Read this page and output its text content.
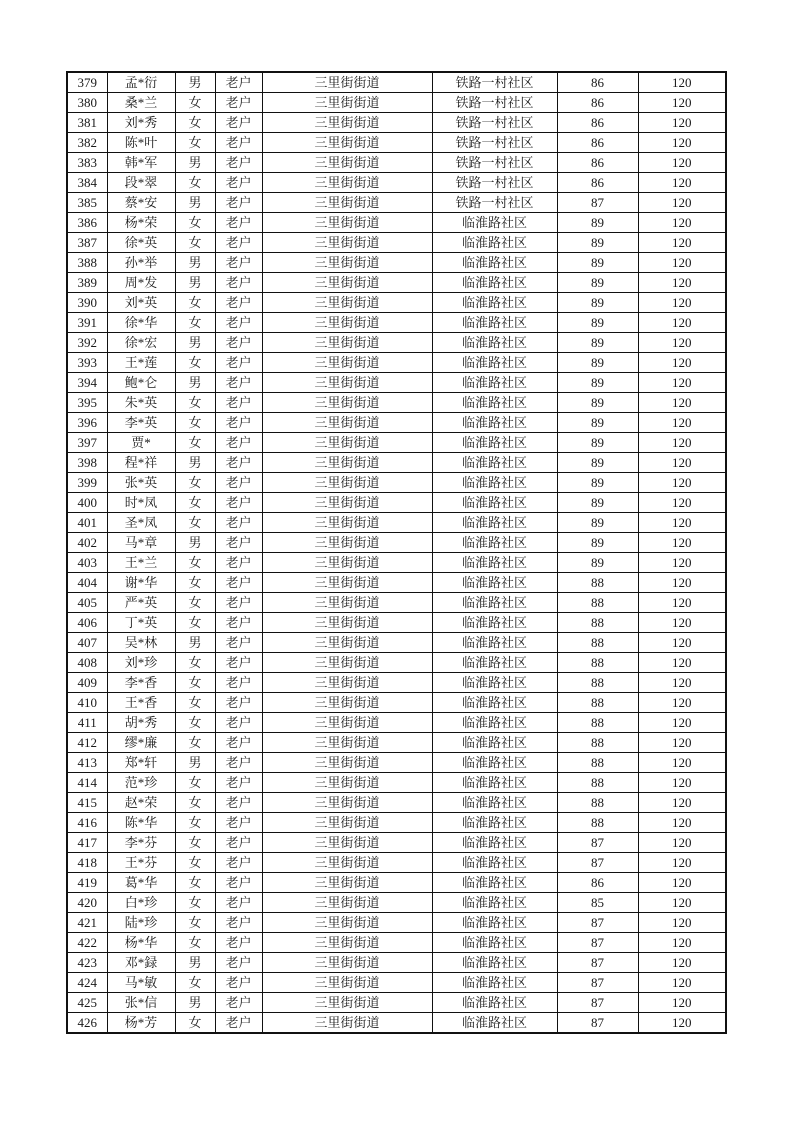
379	孟*衍	男	老户	三里街街道	铁路一村社区	86	120
380	桑*兰	女	老户	三里街街道	铁路一村社区	86	120
381	刘*秀	女	老户	三里街街道	铁路一村社区	86	120
382	陈*叶	女	老户	三里街街道	铁路一村社区	86	120
383	韩*军	男	老户	三里街街道	铁路一村社区	86	120
384	段*翠	女	老户	三里街街道	铁路一村社区	86	120
385	蔡*安	男	老户	三里街街道	铁路一村社区	87	120
386	杨*荣	女	老户	三里街街道	临淮路社区	89	120
387	徐*英	女	老户	三里街街道	临淮路社区	89	120
388	孙*举	男	老户	三里街街道	临淮路社区	89	120
389	周*发	男	老户	三里街街道	临淮路社区	89	120
390	刘*英	女	老户	三里街街道	临淮路社区	89	120
391	徐*华	女	老户	三里街街道	临淮路社区	89	120
392	徐*宏	男	老户	三里街街道	临淮路社区	89	120
393	王*莲	女	老户	三里街街道	临淮路社区	89	120
394	鲍*仑	男	老户	三里街街道	临淮路社区	89	120
395	朱*英	女	老户	三里街街道	临淮路社区	89	120
396	李*英	女	老户	三里街街道	临淮路社区	89	120
397	贾*	女	老户	三里街街道	临淮路社区	89	120
398	程*祥	男	老户	三里街街道	临淮路社区	89	120
399	张*英	女	老户	三里街街道	临淮路社区	89	120
400	时*凤	女	老户	三里街街道	临淮路社区	89	120
401	圣*凤	女	老户	三里街街道	临淮路社区	89	120
402	马*章	男	老户	三里街街道	临淮路社区	89	120
403	王*兰	女	老户	三里街街道	临淮路社区	89	120
404	谢*华	女	老户	三里街街道	临淮路社区	88	120
405	严*英	女	老户	三里街街道	临淮路社区	88	120
406	丁*英	女	老户	三里街街道	临淮路社区	88	120
407	吴*林	男	老户	三里街街道	临淮路社区	88	120
408	刘*珍	女	老户	三里街街道	临淮路社区	88	120
409	李*香	女	老户	三里街街道	临淮路社区	88	120
410	王*香	女	老户	三里街街道	临淮路社区	88	120
411	胡*秀	女	老户	三里街街道	临淮路社区	88	120
412	缪*廉	女	老户	三里街街道	临淮路社区	88	120
413	郑*轩	男	老户	三里街街道	临淮路社区	88	120
414	范*珍	女	老户	三里街街道	临淮路社区	88	120
415	赵*荣	女	老户	三里街街道	临淮路社区	88	120
416	陈*华	女	老户	三里街街道	临淮路社区	88	120
417	李*芬	女	老户	三里街街道	临淮路社区	87	120
418	王*芬	女	老户	三里街街道	临淮路社区	87	120
419	葛*华	女	老户	三里街街道	临淮路社区	86	120
420	白*珍	女	老户	三里街街道	临淮路社区	85	120
421	陆*珍	女	老户	三里街街道	临淮路社区	87	120
422	杨*华	女	老户	三里街街道	临淮路社区	87	120
423	邓*録	男	老户	三里街街道	临淮路社区	87	120
424	马*敏	女	老户	三里街街道	临淮路社区	87	120
425	张*信	男	老户	三里街街道	临淮路社区	87	120
426	杨*芳	女	老户	三里街街道	临淮路社区	87	120
